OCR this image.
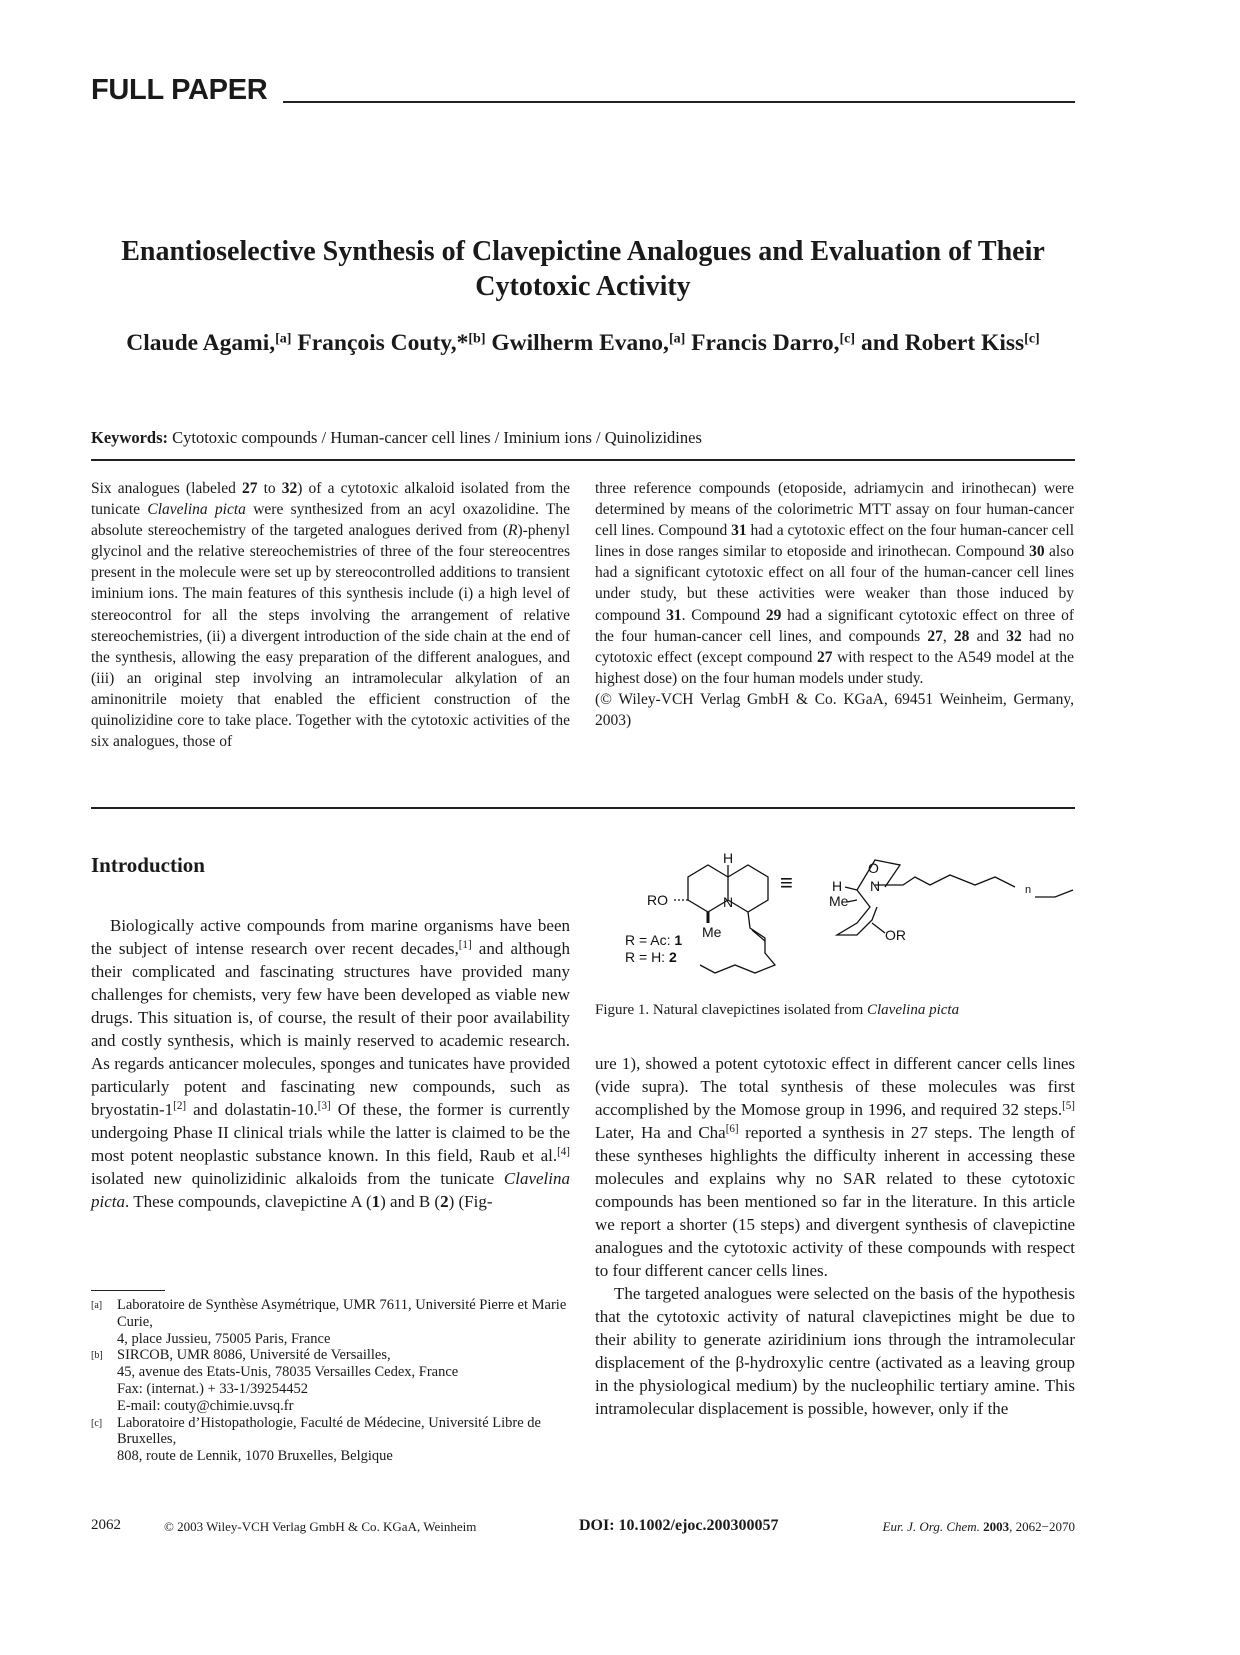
FULL PAPER
Enantioselective Synthesis of Clavepictine Analogues and Evaluation of Their Cytotoxic Activity
Claude Agami,[a] François Couty,*[b] Gwilherm Evano,[a] Francis Darro,[c] and Robert Kiss[c]
Keywords: Cytotoxic compounds / Human-cancer cell lines / Iminium ions / Quinolizidines
Six analogues (labeled 27 to 32) of a cytotoxic alkaloid isolated from the tunicate Clavelina picta were synthesized from an acyl oxazolidine. The absolute stereochemistry of the targeted analogues derived from (R)-phenyl glycinol and the relative stereochemistries of three of the four stereocentres present in the molecule were set up by stereocontrolled additions to transient iminium ions. The main features of this synthesis include (i) a high level of stereocontrol for all the steps involving the arrangement of relative stereochemistries, (ii) a divergent introduction of the side chain at the end of the synthesis, allowing the easy preparation of the different analogues, and (iii) an original step involving an intramolecular alkylation of an aminonitrile moiety that enabled the efficient construction of the quinolizidine core to take place. Together with the cytotoxic activities of the six analogues, those of
three reference compounds (etoposide, adriamycin and irinothecan) were determined by means of the colorimetric MTT assay on four human-cancer cell lines. Compound 31 had a cytotoxic effect on the four human-cancer cell lines in dose ranges similar to etoposide and irinothecan. Compound 30 also had a significant cytotoxic effect on all four of the human-cancer cell lines under study, but these activities were weaker than those induced by compound 31. Compound 29 had a significant cytotoxic effect on three of the four human-cancer cell lines, and compounds 27, 28 and 32 had no cytotoxic effect (except compound 27 with respect to the A549 model at the highest dose) on the four human models under study.
(© Wiley-VCH Verlag GmbH & Co. KGaA, 69451 Weinheim, Germany, 2003)
Introduction

Biologically active compounds from marine organisms have been the subject of intense research over recent decades,[1] and although their complicated and fascinating structures have provided many challenges for chemists, very few have been developed as viable new drugs. This situation is, of course, the result of their poor availability and costly synthesis, which is mainly reserved to academic research. As regards anticancer molecules, sponges and tunicates have provided particularly potent and fascinating new compounds, such as bryostatin-1[2] and dolastatin-10.[3] Of these, the former is currently undergoing Phase II clinical trials while the latter is claimed to be the most potent neoplastic substance known. In this field, Raub et al.[4] isolated new quinolizidinic alkaloids from the tunicate Clavelina picta. These compounds, clavepictine A (1) and B (2) (Fig-

[a]	Laboratoire de Synthèse Asymétrique, UMR 7611, Université Pierre et Marie Curie,
4, place Jussieu, 75005 Paris, France
[b] SIRCOB, UMR 8086, Université de Versailles,
45, avenue des Etats-Unis, 78035 Versailles Cedex, France
Fax: (internat.) + 33-1/39254452
E-mail: couty@chimie.uvsq.fr
[c]	Laboratoire d’Histopathologie, Faculté de Médecine, Université Libre de Bruxelles,
808, route de Lennik, 1070 Bruxelles, Belgique
H
N
RO
Me
R = Ac: 1
R = H: 2
≡
O
N
H
Me
OR
n
Figure 1. Natural clavepictines isolated from Clavelina picta

ure 1), showed a potent cytotoxic effect in different cancer cells lines (vide supra). The total synthesis of these molecules was first accomplished by the Momose group in 1996, and required 32 steps.[5] Later, Ha and Cha[6] reported a synthesis in 27 steps. The length of these syntheses highlights the difficulty inherent in accessing these molecules and explains why no SAR related to these cytotoxic compounds has been mentioned so far in the literature. In this article we report a shorter (15 steps) and divergent synthesis of clavepictine analogues and the cytotoxic activity of these compounds with respect to four different cancer cells lines.

The targeted analogues were selected on the basis of the hypothesis that the cytotoxic activity of natural clavepictines might be due to their ability to generate aziridinium ions through the intramolecular displacement of the β-hydroxylic centre (activated as a leaving group in the physiological medium) by the nucleophilic tertiary amine. This intramolecular displacement is possible, however, only if the

2062	© 2003 Wiley-VCH Verlag GmbH & Co. KGaA, Weinheim	DOI: 10.1002/ejoc.200300057	Eur. J. Org. Chem. 2003, 2062−2070
